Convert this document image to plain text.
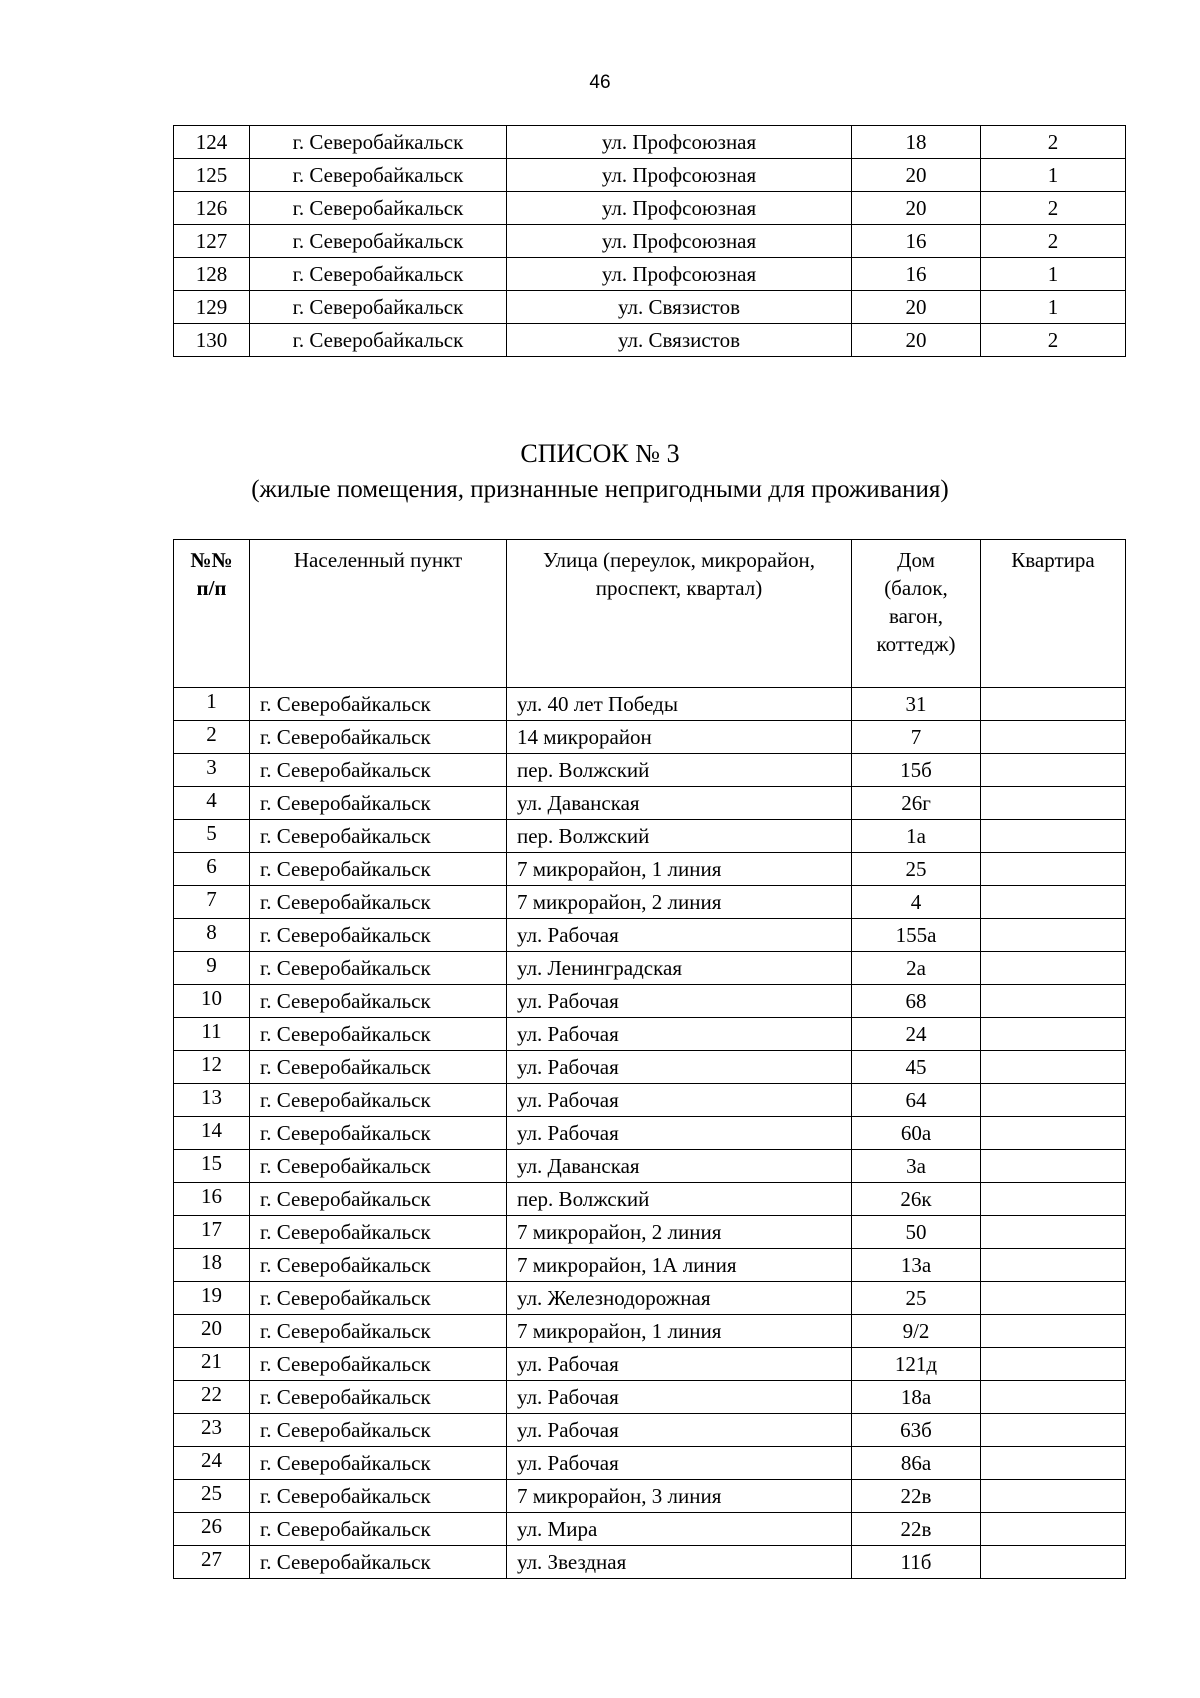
46
124	г. Северобайкальск	ул. Профсоюзная	18	2
125	г. Северобайкальск	ул. Профсоюзная	20	1
126	г. Северобайкальск	ул. Профсоюзная	20	2
127	г. Северобайкальск	ул. Профсоюзная	16	2
128	г. Северобайкальск	ул. Профсоюзная	16	1
129	г. Северобайкальск	ул. Связистов	20	1
130	г. Северобайкальск	ул. Связистов	20	2
СПИСОК № 3
(жилые помещения, признанные непригодными для проживания)
№№
п/п	Населенный пункт	Улица (переулок, микрорайон, проспект, квартал)	Дом (балок, вагон, коттедж)	Квартира
1	г. Северобайкальск	ул. 40 лет Победы	31	
2	г. Северобайкальск	14 микрорайон	7	
3	г. Северобайкальск	пер. Волжский	15б	
4	г. Северобайкальск	ул. Даванская	26г	
5	г. Северобайкальск	пер. Волжский	1а	
6	г. Северобайкальск	7 микрорайон, 1 линия	25	
7	г. Северобайкальск	7 микрорайон, 2 линия	4	
8	г. Северобайкальск	ул. Рабочая	155а	
9	г. Северобайкальск	ул. Ленинградская	2а	
10	г. Северобайкальск	ул. Рабочая	68	
11	г. Северобайкальск	ул. Рабочая	24	
12	г. Северобайкальск	ул. Рабочая	45	
13	г. Северобайкальск	ул. Рабочая	64	
14	г. Северобайкальск	ул. Рабочая	60а	
15	г. Северобайкальск	ул. Даванская	3а	
16	г. Северобайкальск	пер. Волжский	26к	
17	г. Северобайкальск	7 микрорайон, 2 линия	50	
18	г. Северобайкальск	7 микрорайон, 1А линия	13а	
19	г. Северобайкальск	ул. Железнодорожная	25	
20	г. Северобайкальск	7 микрорайон, 1 линия	9/2	
21	г. Северобайкальск	ул. Рабочая	121д	
22	г. Северобайкальск	ул. Рабочая	18а	
23	г. Северобайкальск	ул. Рабочая	63б	
24	г. Северобайкальск	ул. Рабочая	86а	
25	г. Северобайкальск	7 микрорайон, 3 линия	22в	
26	г. Северобайкальск	ул. Мира	22в	
27	г. Северобайкальск	ул. Звездная	11б	
